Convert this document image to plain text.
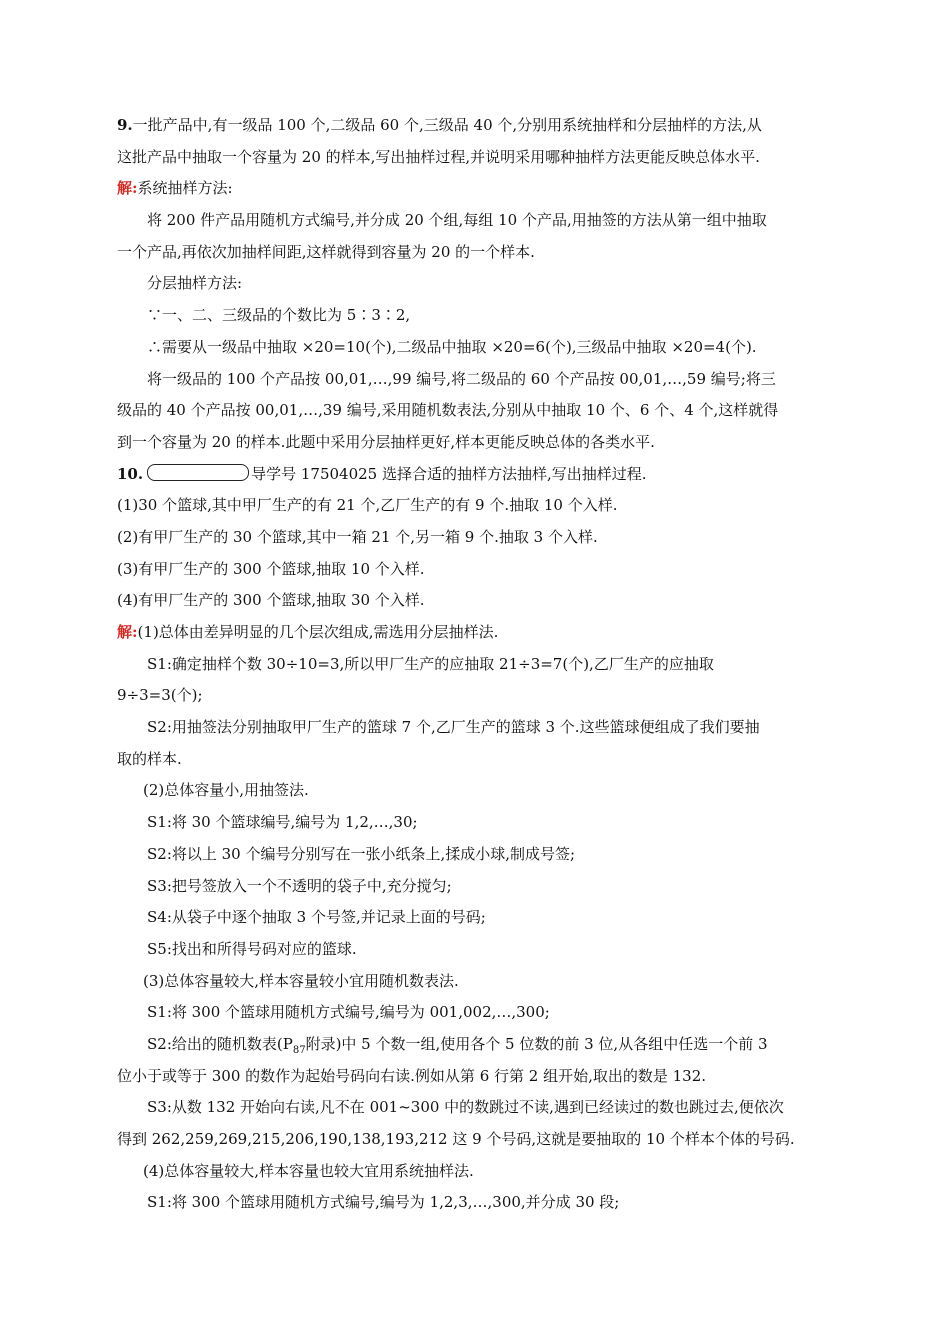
9.一批产品中,有一级品 100 个,二级品 60 个,三级品 40 个,分别用系统抽样和分层抽样的方法,从
这批产品中抽取一个容量为 20 的样本,写出抽样过程,并说明采用哪种抽样方法更能反映总体水平.
解:系统抽样方法:
将 200 件产品用随机方式编号,并分成 20 个组,每组 10 个产品,用抽签的方法从第一组中抽取
一个产品,再依次加抽样间距,这样就得到容量为 20 的一个样本.
分层抽样方法:
∵一、二、三级品的个数比为 5∶3∶2,
∴需要从一级品中抽取 ×20=10(个),二级品中抽取 ×20=6(个),三级品中抽取 ×20=4(个).
将一级品的 100 个产品按 00,01,…,99 编号,将二级品的 60 个产品按 00,01,…,59 编号;将三
级品的 40 个产品按 00,01,…,39 编号,采用随机数表法,分别从中抽取 10 个、6 个、4 个,这样就得
到一个容量为 20 的样本.此题中采用分层抽样更好,样本更能反映总体的各类水平.
10.	导学号 17504025 选择合适的抽样方法抽样,写出抽样过程.
(1)30 个篮球,其中甲厂生产的有 21 个,乙厂生产的有 9 个.抽取 10 个入样.
(2)有甲厂生产的 30 个篮球,其中一箱 21 个,另一箱 9 个.抽取 3 个入样.
(3)有甲厂生产的 300 个篮球,抽取 10 个入样.
(4)有甲厂生产的 300 个篮球,抽取 30 个入样.
解:(1)总体由差异明显的几个层次组成,需选用分层抽样法.
S1:确定抽样个数 30÷10=3,所以甲厂生产的应抽取 21÷3=7(个),乙厂生产的应抽取
9÷3=3(个);
S2:用抽签法分别抽取甲厂生产的篮球 7 个,乙厂生产的篮球 3 个.这些篮球便组成了我们要抽
取的样本.
(2)总体容量小,用抽签法.
S1:将 30 个篮球编号,编号为 1,2,…,30;
S2:将以上 30 个编号分别写在一张小纸条上,揉成小球,制成号签;
S3:把号签放入一个不透明的袋子中,充分搅匀;
S4:从袋子中逐个抽取 3 个号签,并记录上面的号码;
S5:找出和所得号码对应的篮球.
(3)总体容量较大,样本容量较小宜用随机数表法.
S1:将 300 个篮球用随机方式编号,编号为 001,002,…,300;
S2:给出的随机数表($P_{87}$附录)中 5 个数一组,使用各个 5 位数的前 3 位,从各组中任选一个前 3
位小于或等于 300 的数作为起始号码向右读.例如从第 6 行第 2 组开始,取出的数是 132.
S3:从数 132 开始向右读,凡不在 001~300 中的数跳过不读,遇到已经读过的数也跳过去,便依次
得到 262,259,269,215,206,190,138,193,212 这 9 个号码,这就是要抽取的 10 个样本个体的号码.
(4)总体容量较大,样本容量也较大宜用系统抽样法.
S1:将 300 个篮球用随机方式编号,编号为 1,2,3,…,300,并分成 30 段;
